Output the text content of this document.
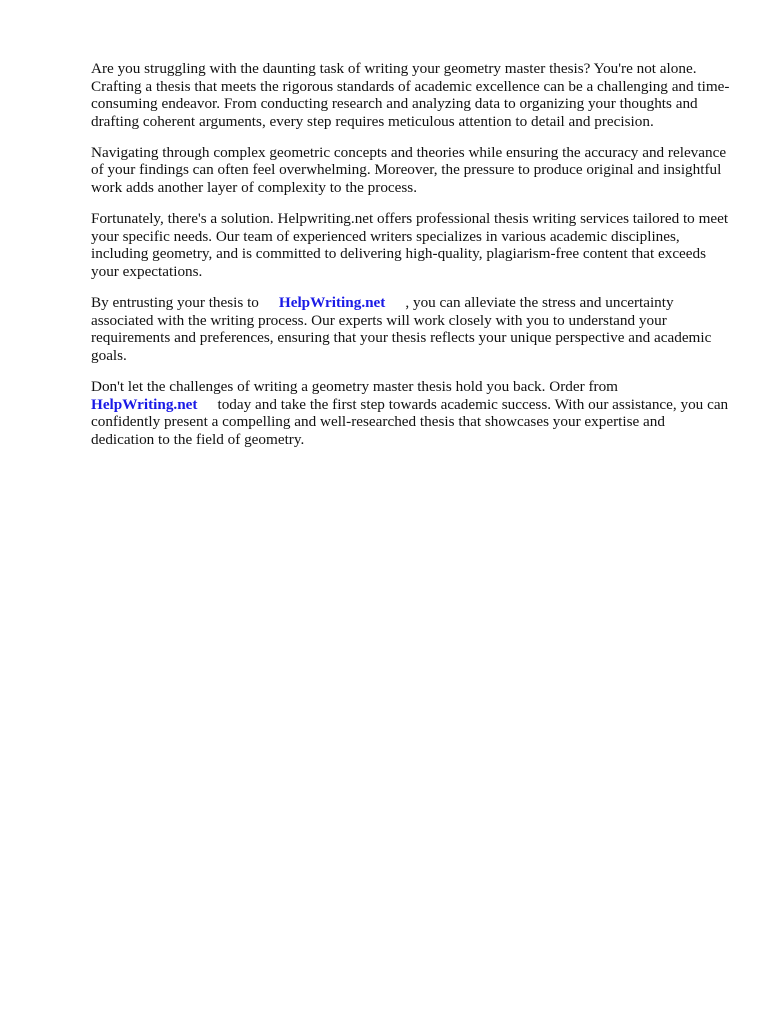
Are you struggling with the daunting task of writing your geometry master thesis? You're not alone. Crafting a thesis that meets the rigorous standards of academic excellence can be a challenging and time-consuming endeavor. From conducting research and analyzing data to organizing your thoughts and drafting coherent arguments, every step requires meticulous attention to detail and precision.

Navigating through complex geometric concepts and theories while ensuring the accuracy and relevance of your findings can often feel overwhelming. Moreover, the pressure to produce original and insightful work adds another layer of complexity to the process.

Fortunately, there's a solution. Helpwriting.net offers professional thesis writing services tailored to meet your specific needs. Our team of experienced writers specializes in various academic disciplines, including geometry, and is committed to delivering high-quality, plagiarism-free content that exceeds your expectations.

By entrusting your thesis to HelpWriting.net , you can alleviate the stress and uncertainty associated with the writing process. Our experts will work closely with you to understand your requirements and preferences, ensuring that your thesis reflects your unique perspective and academic goals.

Don't let the challenges of writing a geometry master thesis hold you back. Order from
HelpWriting.net today and take the first step towards academic success. With our assistance, you can confidently present a compelling and well-researched thesis that showcases your expertise and dedication to the field of geometry.
